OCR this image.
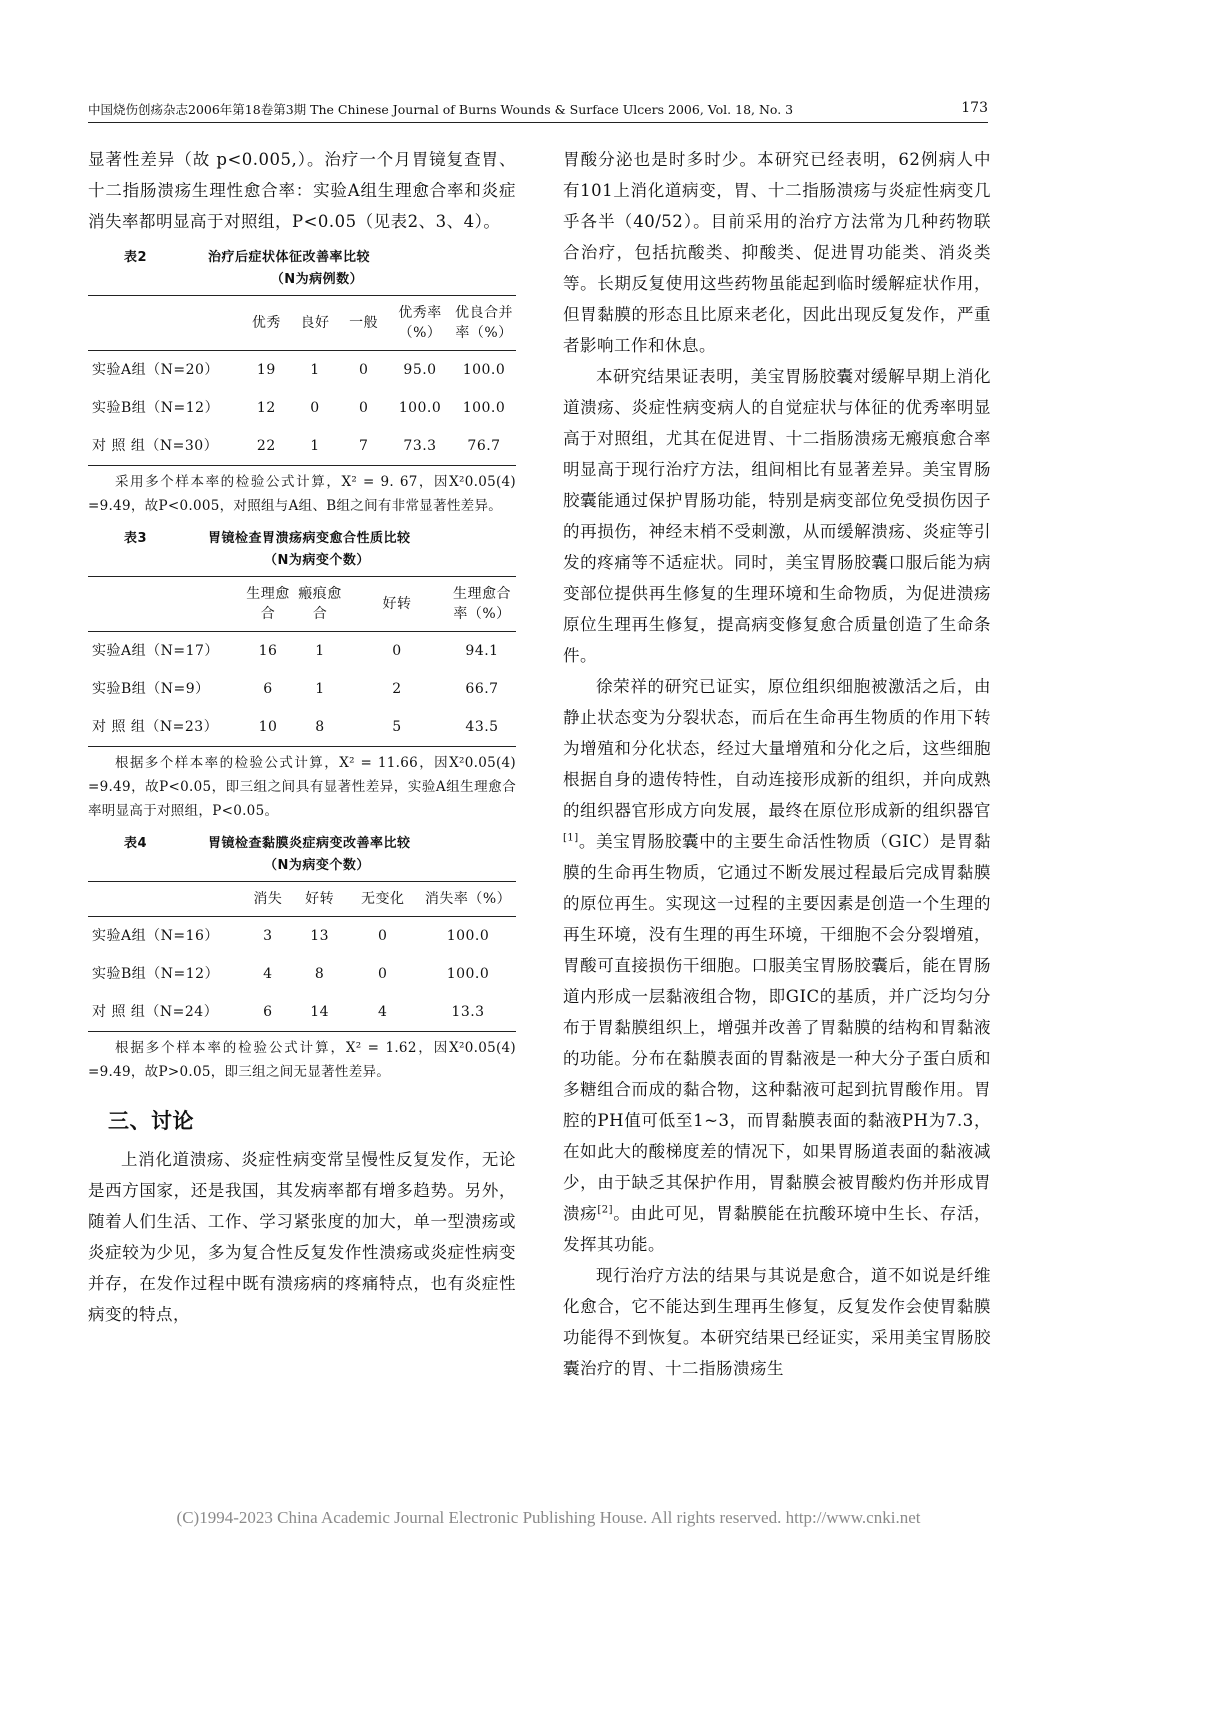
中国烧伤创疡杂志2006年第18卷第3期 The Chinese Journal of Burns Wounds & Surface Ulcers 2006, Vol. 18, No. 3	173

显著性差异（故 p<0.005,）。治疗一个月胃镜复查胃、十二指肠溃疡生理性愈合率：实验A组生理愈合率和炎症消失率都明显高于对照组，P<0.05（见表2、3、4）。

表2	治疗后症状体征改善率比较
（N为病例数）
	优秀	良好	一般	优秀率（%）	优良合并率（%）
实验A组（N=20）	19	1	0	95.0	100.0
实验B组（N=12）	12	0	0	100.0	100.0
对 照 组（N=30）	22	1	7	73.3	76.7

采用多个样本率的检验公式计算，X² = 9. 67，因X²0.05(4) =9.49，故P<0.005，对照组与A组、B组之间有非常显著性差异。

表3	胃镜检查胃溃疡病变愈合性质比较
（N为病变个数）
	生理愈合	瘢痕愈合	好转	生理愈合率（%）
实验A组（N=17）	16	1	0	94.1
实验B组（N=9）	6	1	2	66.7
对 照 组（N=23）	10	8	5	43.5

根据多个样本率的检验公式计算，X² = 11.66，因X²0.05(4) =9.49，故P<0.05，即三组之间具有显著性差异，实验A组生理愈合率明显高于对照组，P<0.05。

表4	胃镜检查黏膜炎症病变改善率比较
（N为病变个数）
	消失	好转	无变化	消失率（%）
实验A组（N=16）	3	13	0	100.0
实验B组（N=12）	4	8	0	100.0
对 照 组（N=24）	6	14	4	13.3

根据多个样本率的检验公式计算，X² = 1.62，因X²0.05(4) =9.49，故P>0.05，即三组之间无显著性差异。

三、讨论

上消化道溃疡、炎症性病变常呈慢性反复发作，无论是西方国家，还是我国，其发病率都有增多趋势。另外，随着人们生活、工作、学习紧张度的加大，单一型溃疡或炎症较为少见，多为复合性反复发作性溃疡或炎症性病变并存，在发作过程中既有溃疡病的疼痛特点，也有炎症性病变的特点，

胃酸分泌也是时多时少。本研究已经表明，62例病人中有101上消化道病变，胃、十二指肠溃疡与炎症性病变几乎各半（40/52）。目前采用的治疗方法常为几种药物联合治疗，包括抗酸类、抑酸类、促进胃功能类、消炎类等。长期反复使用这些药物虽能起到临时缓解症状作用，但胃黏膜的形态且比原来老化，因此出现反复发作，严重者影响工作和休息。

本研究结果证表明，美宝胃肠胶囊对缓解早期上消化道溃疡、炎症性病变病人的自觉症状与体征的优秀率明显高于对照组，尤其在促进胃、十二指肠溃疡无瘢痕愈合率明显高于现行治疗方法，组间相比有显著差异。美宝胃肠胶囊能通过保护胃肠功能，特别是病变部位免受损伤因子的再损伤，神经末梢不受刺激，从而缓解溃疡、炎症等引发的疼痛等不适症状。同时，美宝胃肠胶囊口服后能为病变部位提供再生修复的生理环境和生命物质，为促进溃疡原位生理再生修复，提高病变修复愈合质量创造了生命条件。

徐荣祥的研究已证实，原位组织细胞被激活之后，由静止状态变为分裂状态，而后在生命再生物质的作用下转为增殖和分化状态，经过大量增殖和分化之后，这些细胞根据自身的遗传特性，自动连接形成新的组织，并向成熟的组织器官形成方向发展，最终在原位形成新的组织器官[1]。美宝胃肠胶囊中的主要生命活性物质（GIC）是胃黏膜的生命再生物质，它通过不断发展过程最后完成胃黏膜的原位再生。实现这一过程的主要因素是创造一个生理的再生环境，没有生理的再生环境，干细胞不会分裂增殖，胃酸可直接损伤干细胞。口服美宝胃肠胶囊后，能在胃肠道内形成一层黏液组合物，即GIC的基质，并广泛均匀分布于胃黏膜组织上，增强并改善了胃黏膜的结构和胃黏液的功能。分布在黏膜表面的胃黏液是一种大分子蛋白质和多糖组合而成的黏合物，这种黏液可起到抗胃酸作用。胃腔的PH值可低至1~3，而胃黏膜表面的黏液PH为7.3，在如此大的酸梯度差的情况下，如果胃肠道表面的黏液减少，由于缺乏其保护作用，胃黏膜会被胃酸灼伤并形成胃溃疡[2]。由此可见，胃黏膜能在抗酸环境中生长、存活，发挥其功能。

现行治疗方法的结果与其说是愈合，道不如说是纤维化愈合，它不能达到生理再生修复，反复发作会使胃黏膜功能得不到恢复。本研究结果已经证实，采用美宝胃肠胶囊治疗的胃、十二指肠溃疡生

(C)1994-2023 China Academic Journal Electronic Publishing House. All rights reserved. http://www.cnki.net
